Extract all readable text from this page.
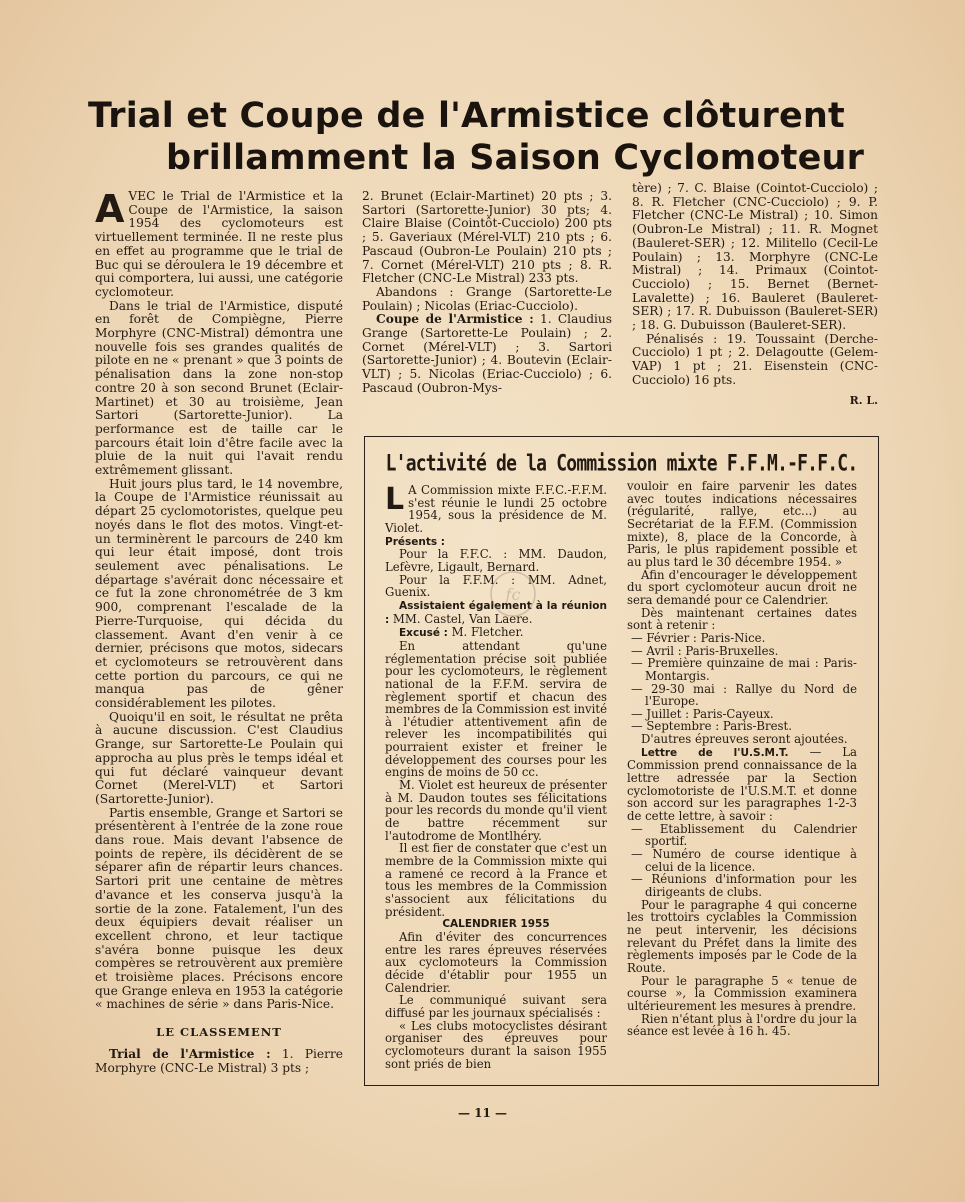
Trial et Coupe de l'Armistice clôturent
brillamment la Saison Cyclomoteur

AVEC le Trial de l'Armistice et la Coupe de l'Armistice, la saison 1954 des cyclomoteurs est virtuellement terminée. Il ne reste plus en effet au programme que le trial de Buc qui se déroulera le 19 décembre et qui comportera, lui aussi, une catégorie cyclomoteur.

Dans le trial de l'Armistice, disputé en forêt de Compiègne, Pierre Morphyre (CNC-Mistral) démontra une nouvelle fois ses grandes qualités de pilote en ne « prenant » que 3 points de pénalisation dans la zone non-stop contre 20 à son second Brunet (Eclair-Martinet) et 30 au troisième, Jean Sartori (Sartorette-Junior). La performance est de taille car le parcours était loin d'être facile avec la pluie de la nuit qui l'avait rendu extrêmement glissant.

Huit jours plus tard, le 14 novembre, la Coupe de l'Armistice réunissait au départ 25 cyclomotoristes, quelque peu noyés dans le flot des motos. Vingt-et-un terminèrent le parcours de 240 km qui leur était imposé, dont trois seulement avec pénalisations. Le départage s'avérait donc nécessaire et ce fut la zone chronométrée de 3 km 900, comprenant l'escalade de la Pierre-Turquoise, qui décida du classement. Avant d'en venir à ce dernier, précisons que motos, sidecars et cyclomoteurs se retrouvèrent dans cette portion du parcours, ce qui ne manqua pas de gêner considérablement les pilotes.

Quoiqu'il en soit, le résultat ne prêta à aucune discussion. C'est Claudius Grange, sur Sartorette-Le Poulain qui approcha au plus près le temps idéal et qui fut déclaré vainqueur devant Cornet (Merel-VLT) et Sartori (Sartorette-Junior).

Partis ensemble, Grange et Sartori se présentèrent à l'entrée de la zone roue dans roue. Mais devant l'absence de points de repère, ils décidèrent de se séparer afin de répartir leurs chances. Sartori prit une centaine de mètres d'avance et les conserva jusqu'à la sortie de la zone. Fatalement, l'un des deux équipiers devait réaliser un excellent chrono, et leur tactique s'avéra bonne puisque les deux compères se retrouvèrent aux première et troisième places. Précisons encore que Grange enleva en 1953 la catégorie « machines de série » dans Paris-Nice.

LE CLASSEMENT

Trial de l'Armistice : 1. Pierre Morphyre (CNC-Le Mistral) 3 pts ;

2. Brunet (Eclair-Martinet) 20 pts ; 3. Sartori (Sartorette-Junior) 30 pts; 4. Claire Blaise (Cointôt-Cucciolo) 200 pts ; 5. Gaveriaux (Mérel-VLT) 210 pts ; 6. Pascaud (Oubron-Le Poulain) 210 pts ; 7. Cornet (Mérel-VLT) 210 pts ; 8. R. Fletcher (CNC-Le Mistral) 233 pts.

Abandons : Grange (Sartorette-Le Poulain) ; Nicolas (Eriac-Cucciolo).

Coupe de l'Armistice : 1. Claudius Grange (Sartorette-Le Poulain) ; 2. Cornet (Mérel-VLT) ; 3. Sartori (Sartorette-Junior) ; 4. Boutevin (Eclair-VLT) ; 5. Nicolas (Eriac-Cucciolo) ; 6. Pascaud (Oubron-Mys-

tère) ; 7. C. Blaise (Cointot-Cucciolo) ; 8. R. Fletcher (CNC-Cucciolo) ; 9. P. Fletcher (CNC-Le Mistral) ; 10. Simon (Oubron-Le Mistral) ; 11. R. Mognet (Bauleret-SER) ; 12. Militello (Cecil-Le Poulain) ; 13. Morphyre (CNC-Le Mistral) ; 14. Primaux (Cointot-Cucciolo) ; 15. Bernet (Bernet-Lavalette) ; 16. Bauleret (Bauleret-SER) ; 17. R. Dubuisson (Bauleret-SER) ; 18. G. Dubuisson (Bauleret-SER).

Pénalisés : 19. Toussaint (Derche-Cucciolo) 1 pt ; 2. Delagoutte (Gelem-VAP) 1 pt ; 21. Eisenstein (CNC-Cucciolo) 16 pts.

R. L.
L'activité de la Commission mixte F.F.M.-F.F.C.

L A Commission mixte F.F.C.-F.F.M. s'est réunie le lundi 25 octobre 1954, sous la présidence de M. Violet.

Présents :

Pour la F.F.C. : MM. Daudon, Lefèvre, Ligault, Bernard.

Pour la F.F.M. : MM. Adnet, Guenix.

Assistaient également à la réunion : MM. Castel, Van Laere.

Excusé : M. Fletcher.

En attendant qu'une réglementation précise soit publiée pour les cyclomoteurs, le règlement national de la F.F.M. servira de règlement sportif et chacun des membres de la Commission est invité à l'étudier attentivement afin de relever les incompatibilités qui pourraient exister et freiner le développement des courses pour les engins de moins de 50 cc.

M. Violet est heureux de présenter à M. Daudon toutes ses félicitations pour les records du monde qu'il vient de battre récemment sur l'autodrome de Montlhéry.

Il est fier de constater que c'est un membre de la Commission mixte qui a ramené ce record à la France et tous les membres de la Commission s'associent aux félicitations du président.

CALENDRIER 1955

Afin d'éviter des concurrences entre les rares épreuves réservées aux cyclomoteurs la Commission décide d'établir pour 1955 un Calendrier.

Le communiqué suivant sera diffusé par les journaux spécialisés :

« Les clubs motocyclistes désirant organiser des épreuves pour cyclomoteurs durant la saison 1955 sont priés de bien

vouloir en faire parvenir les dates avec toutes indications nécessaires (régularité, rallye, etc...) au Secrétariat de la F.F.M. (Commission mixte), 8, place de la Concorde, à Paris, le plus rapidement possible et au plus tard le 30 décembre 1954. »

Afin d'encourager le développement du sport cyclomoteur aucun droit ne sera demandé pour ce Calendrier.

Dès maintenant certaines dates sont à retenir :

— Février : Paris-Nice.

— Avril : Paris-Bruxelles.

— Première quinzaine de mai : Paris-Montargis.

— 29-30 mai : Rallye du Nord de l'Europe.

— Juillet : Paris-Cayeux.

— Septembre : Paris-Brest.

D'autres épreuves seront ajoutées.

Lettre de l'U.S.M.T. — La Commission prend connaissance de la lettre adressée par la Section cyclomotoriste de l'U.S.M.T. et donne son accord sur les paragraphes 1-2-3 de cette lettre, à savoir :

— Etablissement du Calendrier sportif.

— Numéro de course identique à celui de la licence.

— Réunions d'information pour les dirigeants de clubs.

Pour le paragraphe 4 qui concerne les trottoirs cyclables la Commission ne peut intervenir, les décisions relevant du Préfet dans la limite des règlements imposés par le Code de la Route.

Pour le paragraphe 5 « tenue de course », la Commission examinera ultérieurement les mesures à prendre.

Rien n'étant plus à l'ordre du jour la séance est levée à 16 h. 45.

fc
— 11 —
